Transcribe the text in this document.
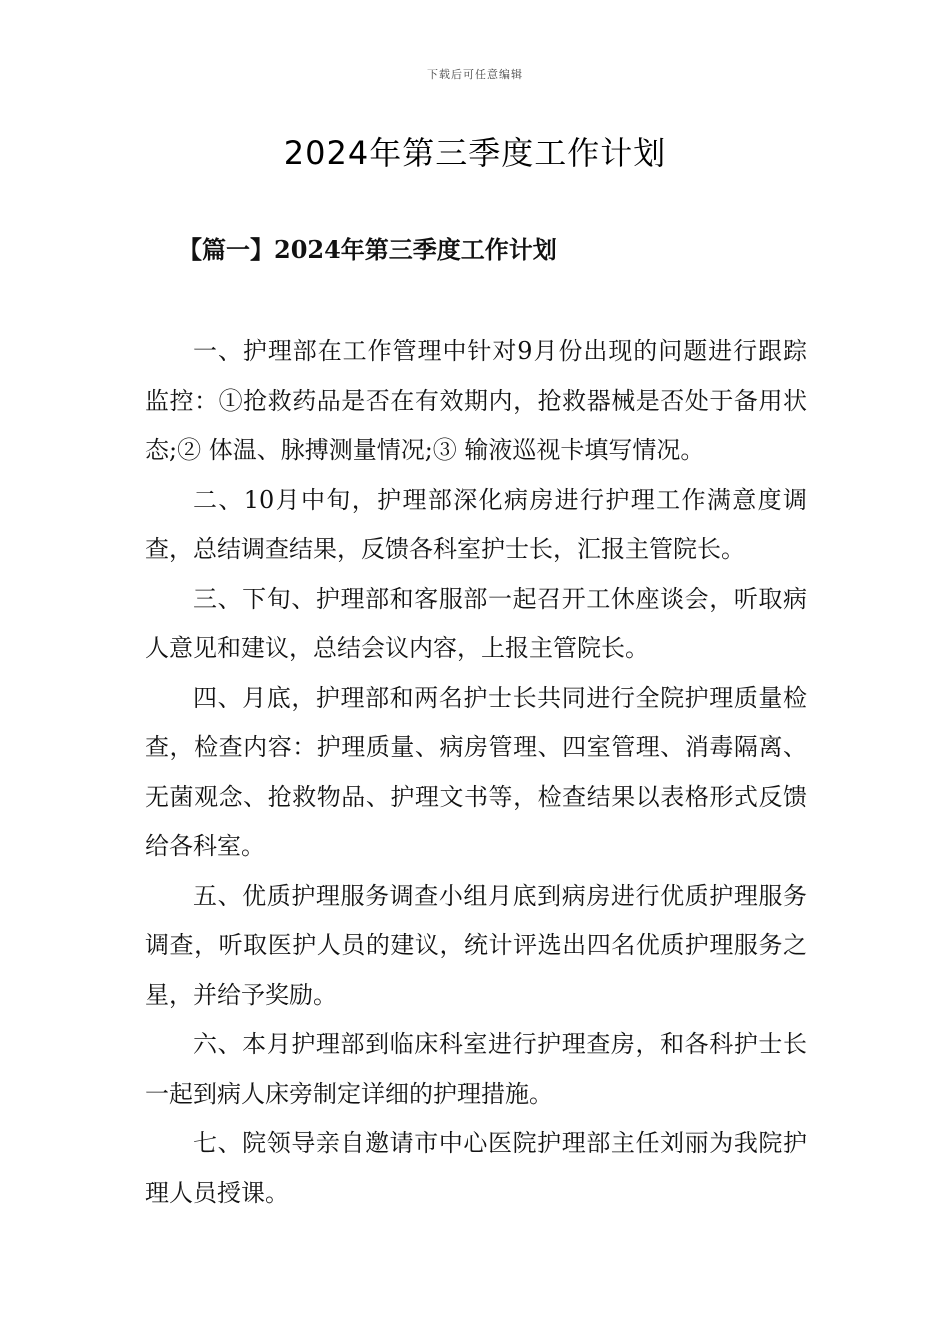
下载后可任意编辑
2024年第三季度工作计划
【篇一】2024年第三季度工作计划

一、护理部在工作管理中针对9月份出现的问题进行跟踪监控：①抢救药品是否在有效期内，抢救器械是否处于备用状态;② 体温、脉搏测量情况;③ 输液巡视卡填写情况。

二、10月中旬，护理部深化病房进行护理工作满意度调查，总结调查结果，反馈各科室护士长，汇报主管院长。

三、下旬、护理部和客服部一起召开工休座谈会，听取病人意见和建议，总结会议内容，上报主管院长。

四、月底，护理部和两名护士长共同进行全院护理质量检查，检查内容：护理质量、病房管理、四室管理、消毒隔离、无菌观念、抢救物品、护理文书等，检查结果以表格形式反馈给各科室。

五、优质护理服务调查小组月底到病房进行优质护理服务调查，听取医护人员的建议，统计评选出四名优质护理服务之星，并给予奖励。

六、本月护理部到临床科室进行护理查房，和各科护士长一起到病人床旁制定详细的护理措施。

七、院领导亲自邀请市中心医院护理部主任刘丽为我院护理人员授课。
